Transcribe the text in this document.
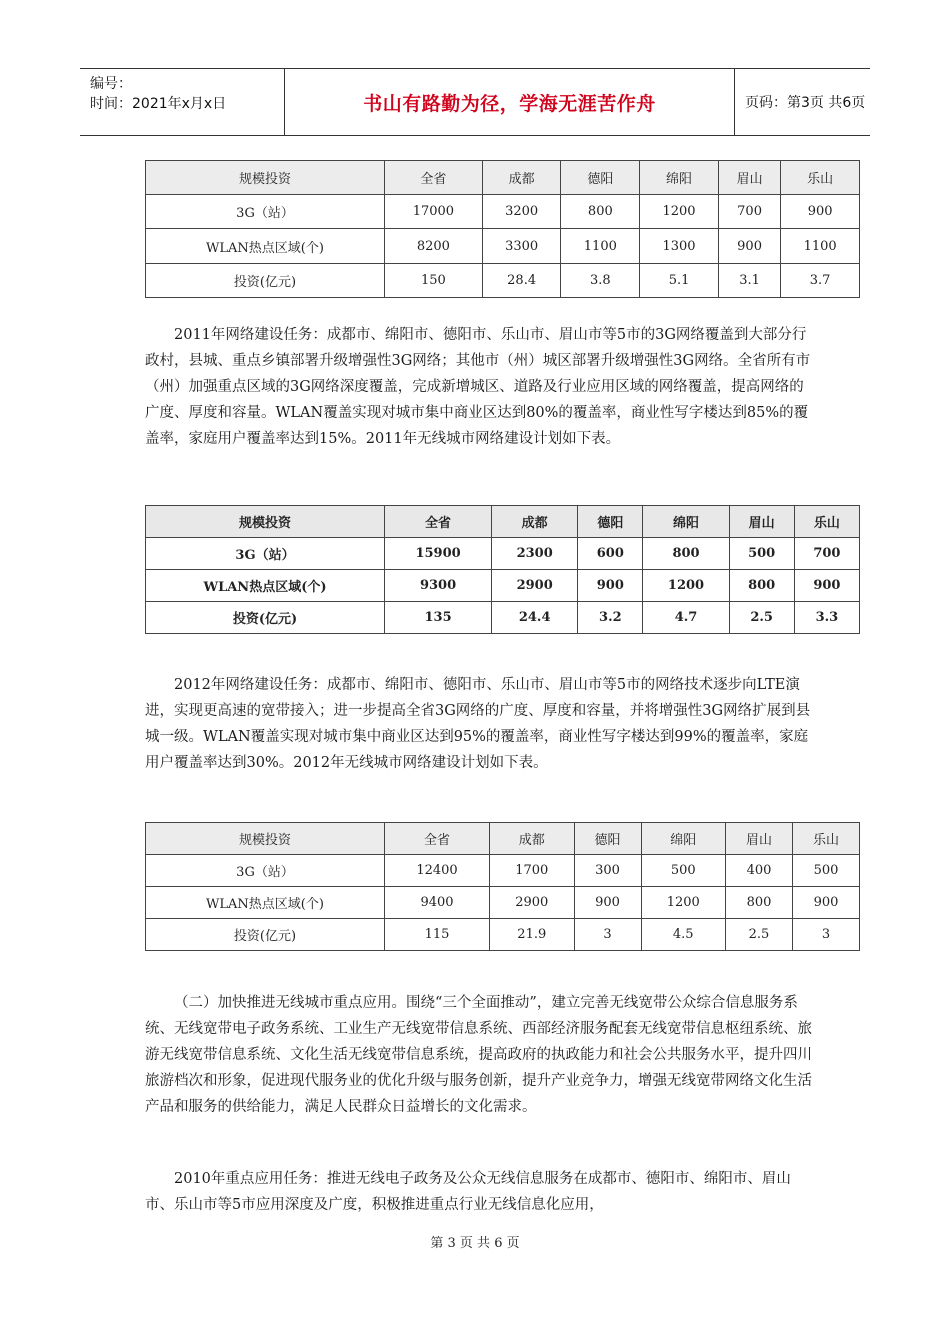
编号：
时间：2021年x月x日	书山有路勤为径，学海无涯苦作舟	页码：第3页 共6页
规模投资	全省	成都	德阳	绵阳	眉山	乐山
3G（站）	17000	3200	800	1200	700	900
WLAN热点区域(个)	8200	3300	1100	1300	900	1100
投资(亿元)	150	28.4	3.8	5.1	3.1	3.7

2011年网络建设任务：成都市、绵阳市、德阳市、乐山市、眉山市等5市的3G网络覆盖到大部分行政村，县城、重点乡镇部署升级增强性3G网络；其他市（州）城区部署升级增强性3G网络。全省所有市（州）加强重点区域的3G网络深度覆盖，完成新增城区、道路及行业应用区域的网络覆盖，提高网络的广度、厚度和容量。WLAN覆盖实现对城市集中商业区达到80%的覆盖率，商业性写字楼达到85%的覆盖率，家庭用户覆盖率达到15%。2011年无线城市网络建设计划如下表。

规模投资	全省	成都	德阳	绵阳	眉山	乐山
3G（站）	15900	2300	600	800	500	700
WLAN热点区域(个)	9300	2900	900	1200	800	900
投资(亿元)	135	24.4	3.2	4.7	2.5	3.3

2012年网络建设任务：成都市、绵阳市、德阳市、乐山市、眉山市等5市的网络技术逐步向LTE演进，实现更高速的宽带接入；进一步提高全省3G网络的广度、厚度和容量，并将增强性3G网络扩展到县城一级。WLAN覆盖实现对城市集中商业区达到95%的覆盖率，商业性写字楼达到99%的覆盖率，家庭用户覆盖率达到30%。2012年无线城市网络建设计划如下表。

规模投资	全省	成都	德阳	绵阳	眉山	乐山
3G（站）	12400	1700	300	500	400	500
WLAN热点区域(个)	9400	2900	900	1200	800	900
投资(亿元)	115	21.9	3	4.5	2.5	3

（二）加快推进无线城市重点应用。围绕“三个全面推动”，建立完善无线宽带公众综合信息服务系统、无线宽带电子政务系统、工业生产无线宽带信息系统、西部经济服务配套无线宽带信息枢纽系统、旅游无线宽带信息系统、文化生活无线宽带信息系统，提高政府的执政能力和社会公共服务水平，提升四川旅游档次和形象，促进现代服务业的优化升级与服务创新，提升产业竞争力，增强无线宽带网络文化生活产品和服务的供给能力，满足人民群众日益增长的文化需求。

2010年重点应用任务：推进无线电子政务及公众无线信息服务在成都市、德阳市、绵阳市、眉山市、乐山市等5市应用深度及广度，积极推进重点行业无线信息化应用，

第 3 页 共 6 页
